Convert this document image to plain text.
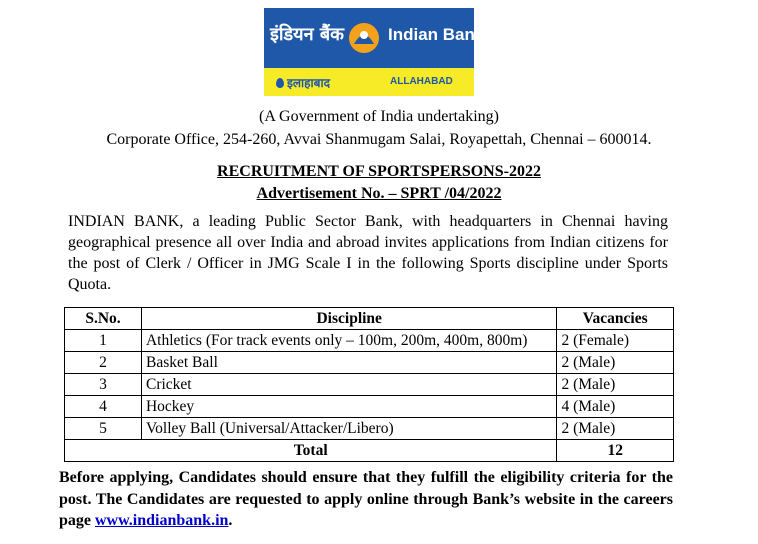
इंडियन बैंक	Indian Bank
इलाहाबाद	ALLAHABAD
(A Government of India undertaking)
Corporate Office, 254-260, Avvai Shanmugam Salai, Royapettah, Chennai – 600014.
RECRUITMENT OF SPORTSPERSONS-2022
Advertisement No. – SPRT /04/2022
INDIAN BANK, a leading Public Sector Bank, with headquarters in Chennai having geographical presence all over India and abroad invites applications from Indian citizens for the post of Clerk / Officer in JMG Scale I in the following Sports discipline under Sports Quota.
S.No.	Discipline	Vacancies
1	Athletics (For track events only – 100m, 200m, 400m, 800m)	2 (Female)
2	Basket Ball	2 (Male)
3	Cricket	2 (Male)
4	Hockey	4 (Male)
5	Volley Ball (Universal/Attacker/Libero)	2 (Male)
Total		12
Before applying, Candidates should ensure that they fulfill the eligibility criteria for the post. The Candidates are requested to apply online through Bank’s website in the careers page www.indianbank.in.
